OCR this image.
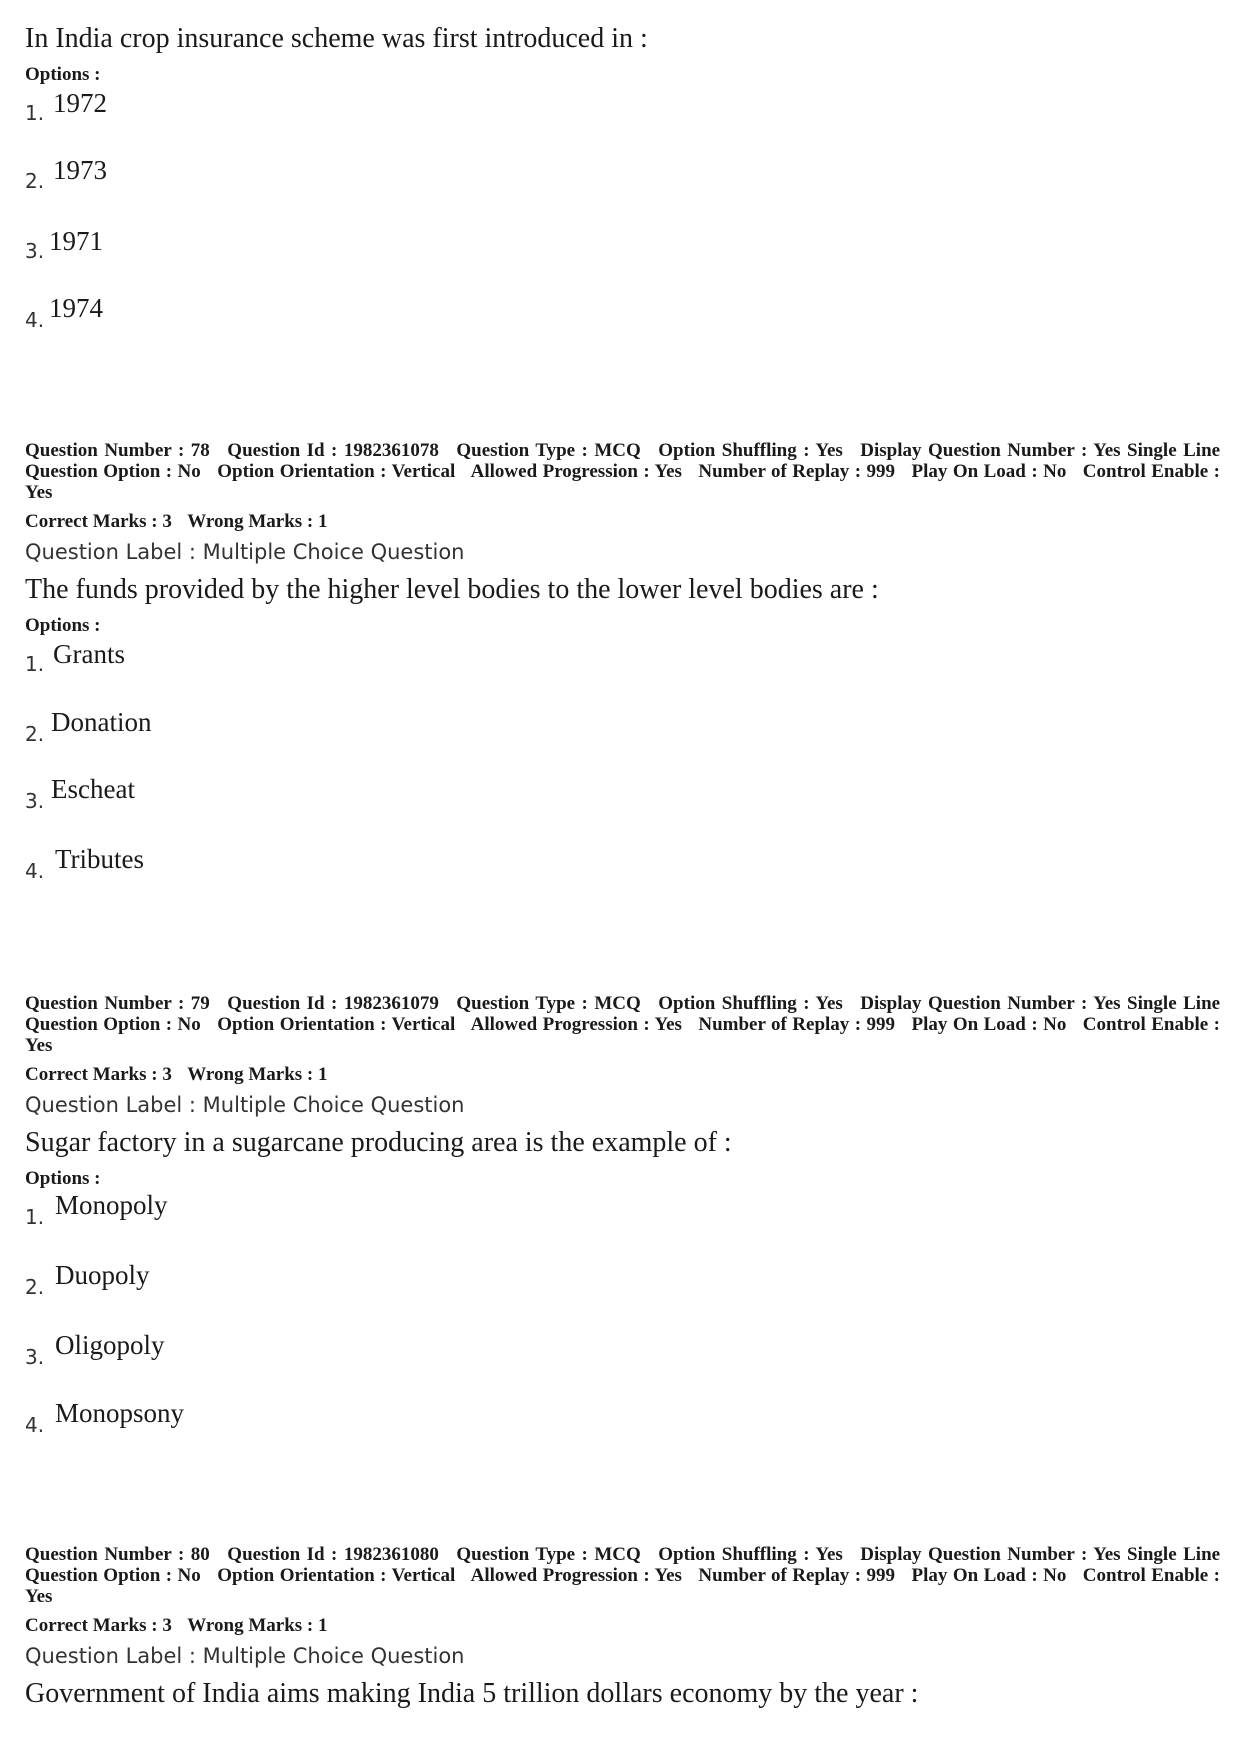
In India crop insurance scheme was first introduced in :
Options :
1. 1972
2. 1973
3. 1971
4. 1974
Question Number : 78 Question Id : 1982361078 Question Type : MCQ Option Shuffling : Yes Display Question Number : Yes Single Line Question Option : No Option Orientation : Vertical Allowed Progression : Yes Number of Replay : 999 Play On Load : No Control Enable : Yes
Correct Marks : 3 Wrong Marks : 1
Question Label : Multiple Choice Question
The funds provided by the higher level bodies to the lower level bodies are :
Options :
1. Grants
2. Donation
3. Escheat
4. Tributes
Question Number : 79 Question Id : 1982361079 Question Type : MCQ Option Shuffling : Yes Display Question Number : Yes Single Line Question Option : No Option Orientation : Vertical Allowed Progression : Yes Number of Replay : 999 Play On Load : No Control Enable : Yes
Correct Marks : 3 Wrong Marks : 1
Question Label : Multiple Choice Question
Sugar factory in a sugarcane producing area is the example of :
Options :
1. Monopoly
2. Duopoly
3. Oligopoly
4. Monopsony
Question Number : 80 Question Id : 1982361080 Question Type : MCQ Option Shuffling : Yes Display Question Number : Yes Single Line Question Option : No Option Orientation : Vertical Allowed Progression : Yes Number of Replay : 999 Play On Load : No Control Enable : Yes
Correct Marks : 3 Wrong Marks : 1
Question Label : Multiple Choice Question
Government of India aims making India 5 trillion dollars economy by the year :
